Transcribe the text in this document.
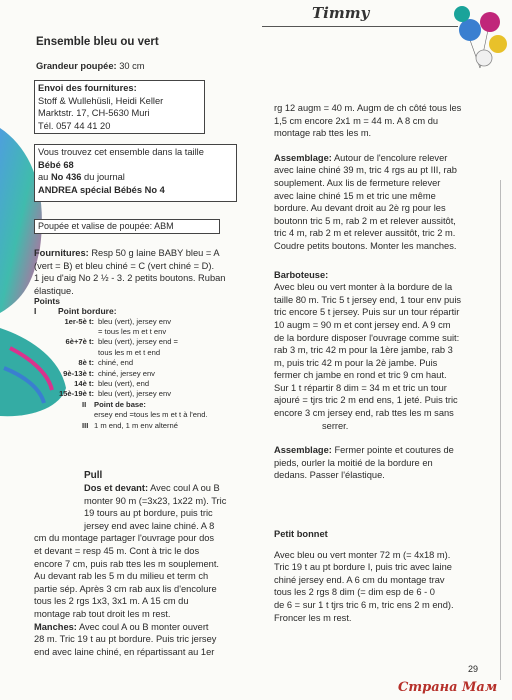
Timmy
Ensemble bleu ou vert
Grandeur poupée: 30 cm
Envoi des fournitures:
Stoff & Wullehüsli, Heidi Keller
Marktstr. 17, CH-5630 Muri
Tél. 057 44 41 20
Vous trouvez cet ensemble dans la taille
Bébé 68
au No 436 du journal
ANDREA spécial Bébés No 4
Poupée et valise de poupée: ABM
Fournitures: Resp 50 g laine BABY bleu = A
(vert = B) et bleu chiné = C (vert chiné = D).
1 jeu d'aig No 2 ½ - 3. 2 petits boutons. Ruban
élastique.
Points
I	Point bordure:
1er-5è t:	bleu (vert), jersey env
	= tous les m et t env
6è+7è t:	bleu (vert), jersey end =
	tous les m et t end
8è t:	chiné, end
9è-13è t:	chiné, jersey env
14è t:	bleu (vert), end
15è-19è t:	bleu (vert), jersey env
II Point de base:
ersey end =tous les m et t à l'end.
III 1 m end, 1 m env alterné
Pull
Dos et devant: Avec coul A ou B
monter 90 m (=3x23, 1x22 m). Tric
19 tours au pt bordure, puis tric
jersey end avec laine chiné. A 8
cm du montage partager l'ouvrage pour dos
et devant = resp 45 m. Cont à tric le dos
encore 7 cm, puis rab ttes les m souplement.
Au devant rab les 5 m du milieu et term ch
partie sép. Après 3 cm rab aux lis d'encolure
tous les 2 rgs 1x3, 3x1 m. A 15 cm du
montage rab tout droit les m rest.
Manches: Avec coul A ou B monter ouvert
28 m. Tric 19 t au pt bordure. Puis tric jersey
end avec laine chiné, en répartissant au 1er
rg 12 augm = 40 m. Augm de ch côté tous les
1,5 cm encore 2x1 m = 44 m. A 8 cm du
montage rab ttes les m.
Assemblage: Autour de l'encolure relever
avec laine chiné 39 m, tric 4 rgs au pt III, rab
souplement. Aux lis de fermeture relever
avec laine chiné 15 m et tric une même
bordure. Au devant droit au 2è rg pour les
boutonn tric 5 m, rab 2 m et relever aussitôt,
tric 4 m, rab 2 m et relever aussitôt, tric 2 m.
Coudre petits boutons. Monter les manches.
Barboteuse:
Avec bleu ou vert monter à la bordure de la
taille 80 m. Tric 5 t jersey end, 1 tour env puis
tric encore 5 t jersey. Puis sur un tour répartir
10 augm = 90 m et cont jersey end. A 9 cm
de la bordure disposer l'ouvrage comme suit:
rab 3 m, tric 42 m pour la 1ère jambe, rab 3
m, puis tric 42 m pour la 2è jambe. Puis
fermer ch jambe en rond et tric 9 cm haut.
Sur 1 t répartir 8 dim = 34 m et tric un tour
ajouré = tjrs tric 2 m end ens, 1 jeté. Puis tric
encore 3 cm jersey end, rab ttes les m sans
serrer.
Assemblage: Fermer pointe et coutures de
pieds, ourler la moitié de la bordure en
dedans. Passer l'élastique.
Petit bonnet
Avec bleu ou vert monter 72 m (= 4x18 m).
Tric 19 t au pt bordure I, puis tric avec laine
chiné jersey end. A 6 cm du montage trav
tous les 2 rgs 8 dim (= dim esp de 6 - 0
de 6 = sur 1 t tjrs tric 6 m, tric ens 2 m end).
Froncer les m rest.
29
Страна Мам
